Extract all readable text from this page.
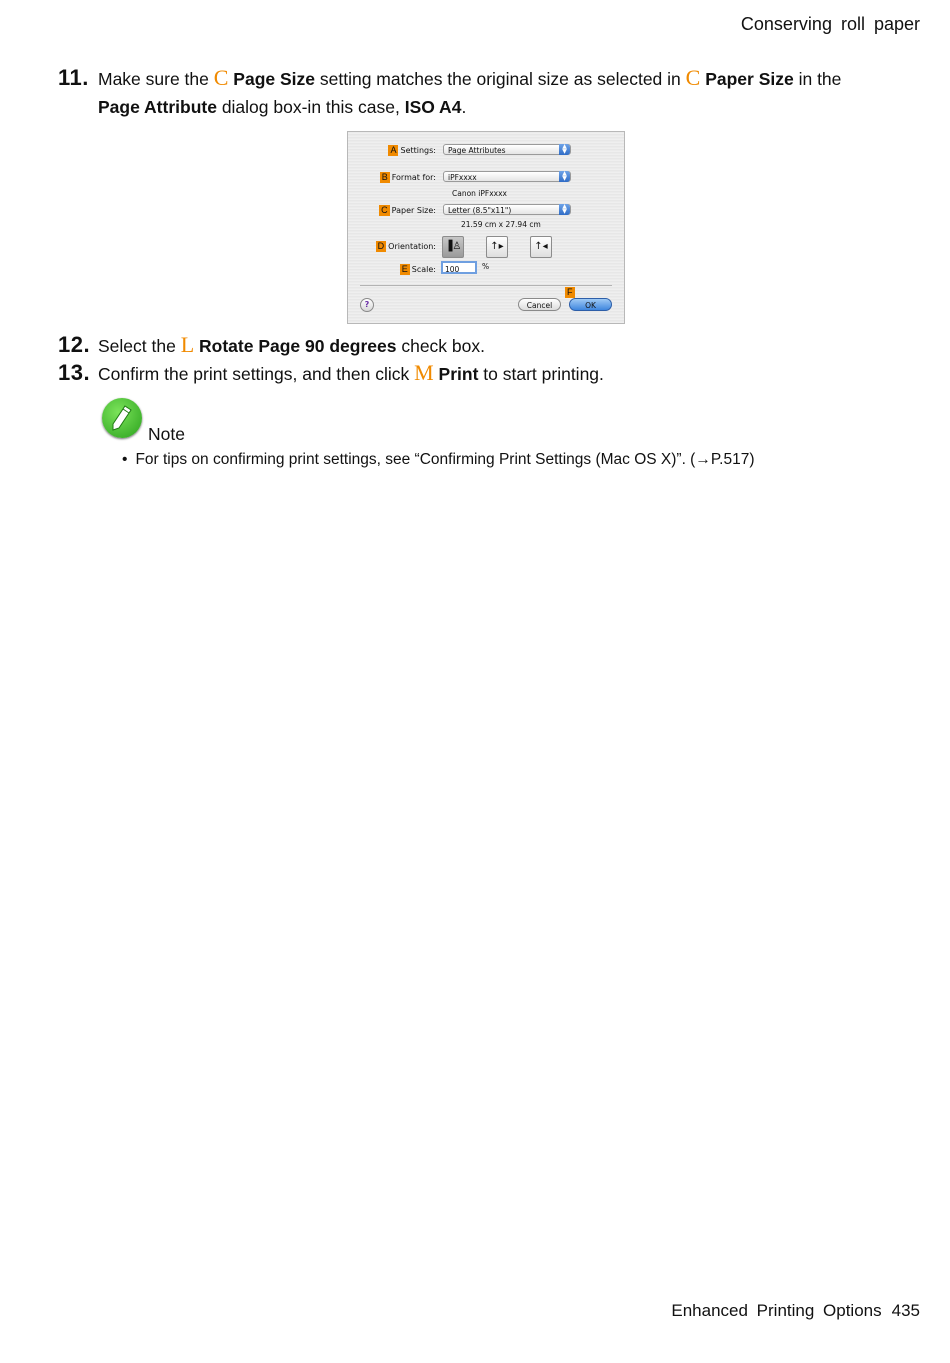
Conserving roll paper
11. Make sure the C Page Size setting matches the original size as selected in C Paper Size in the
Page Attribute dialog box-in this case, ISO A4.
A Settings:	Page Attributes	▲
▼
B Format for:	iPFxxxx	▲
▼
Canon iPFxxxx
C Paper Size:	Letter (8.5"x11")	▲
▼
21.59 cm x 27.94 cm
D Orientation: ▐♙	↑▸	↑◂
E Scale:	100	%
F
?	Cancel	OK
12. Select the L Rotate Page 90 degrees check box.
13. Confirm the print settings, and then click M Print to start printing.
Note
• For tips on confirming print settings, see “Confirming Print Settings (Mac OS X)”. (→P.517)
Enhanced Printing Options 435
